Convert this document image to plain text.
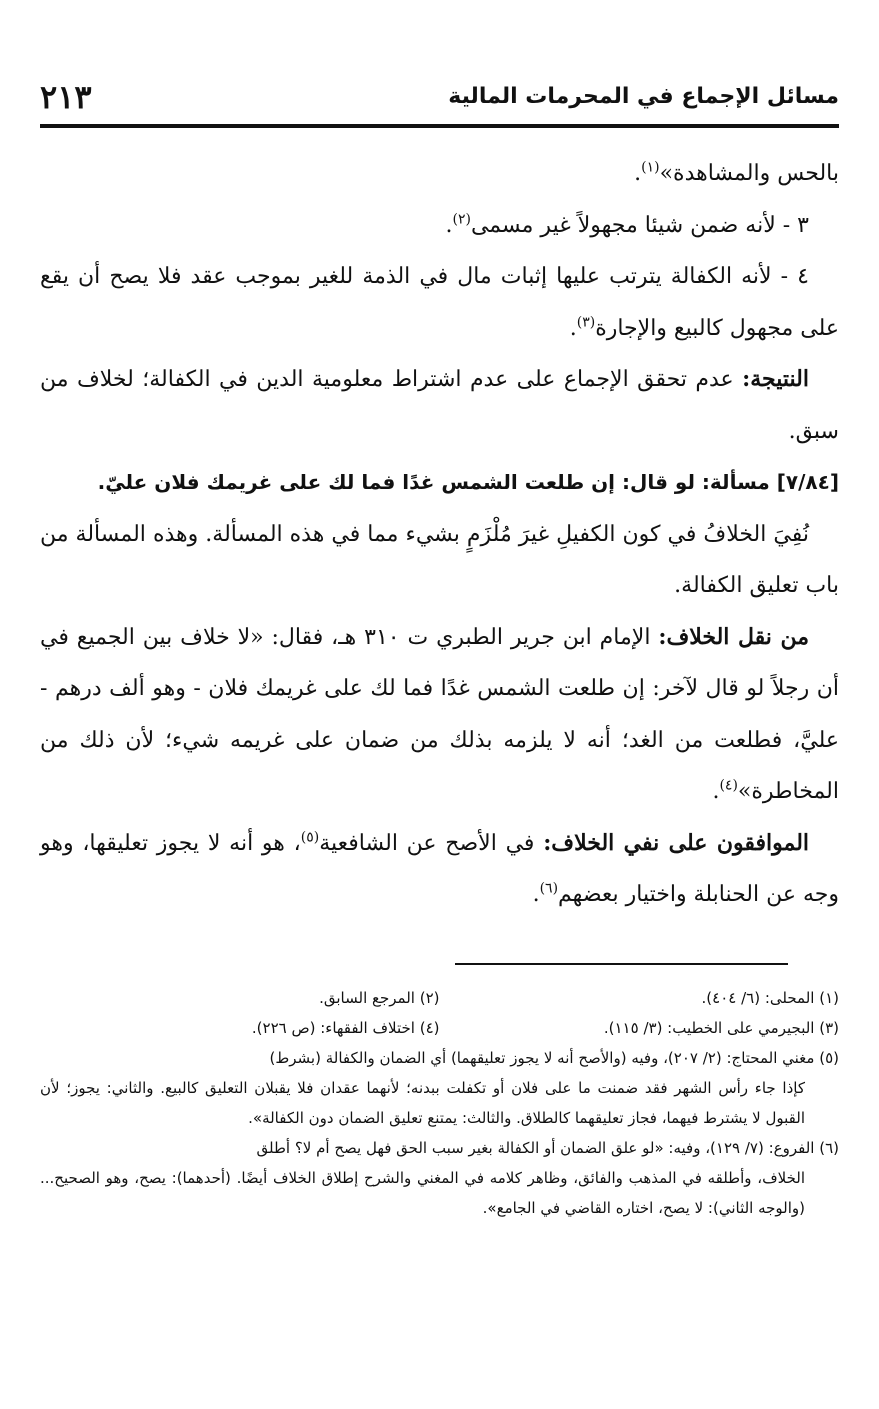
مسائل الإجماع في المحرمات المالية
٢١٣

بالحس والمشاهدة»$^{(١)}$.

٣ - لأنه ضمن شيئا مجهولاً غير مسمى$^{(٢)}$.

٤ - لأنه الكفالة يترتب عليها إثبات مال في الذمة للغير بموجب عقد فلا يصح أن يقع على مجهول كالبيع والإجارة$^{(٣)}$.

النتيجة: عدم تحقق الإجماع على عدم اشتراط معلومية الدين في الكفالة؛ لخلاف من سبق.

[٧/٨٤] مسألة: لو قال: إن طلعت الشمس غدًا فما لك على غريمك فلان عليّ.

نُفِيَ الخلافُ في كون الكفيلِ غيرَ مُلْزَمٍ بشيء مما في هذه المسألة. وهذه المسألة من باب تعليق الكفالة.

من نقل الخلاف: الإمام ابن جرير الطبري ت ٣١٠ هـ، فقال: «لا خلاف بين الجميع في أن رجلاً لو قال لآخر: إن طلعت الشمس غدًا فما لك على غريمك فلان - وهو ألف درهم - عليَّ، فطلعت من الغد؛ أنه لا يلزمه بذلك من ضمان على غريمه شيء؛ لأن ذلك من المخاطرة»$^{(٤)}$.

الموافقون على نفي الخلاف: في الأصح عن الشافعية$^{(٥)}$، هو أنه لا يجوز تعليقها، وهو وجه عن الحنابلة واختيار بعضهم$^{(٦)}$.

(١) المحلى: (٦/ ٤٠٤).
(٢) المرجع السابق.
(٣) البجيرمي على الخطيب: (٣/ ١١٥).
(٤) اختلاف الفقهاء: (ص ٢٢٦).
(٥) مغني المحتاج: (٢/ ٢٠٧)، وفيه (والأصح أنه لا يجوز تعليقهما) أي الضمان والكفالة (بشرط)
كإذا جاء رأس الشهر فقد ضمنت ما على فلان أو تكفلت ببدنه؛ لأنهما عقدان فلا يقبلان التعليق كالبيع. والثاني: يجوز؛ لأن القبول لا يشترط فيهما، فجاز تعليقهما كالطلاق. والثالث: يمتنع تعليق الضمان دون الكفالة».
(٦) الفروع: (٧/ ١٢٩)، وفيه: «لو علق الضمان أو الكفالة بغير سبب الحق فهل يصح أم لا؟ أطلق
الخلاف، وأطلقه في المذهب والفائق، وظاهر كلامه في المغني والشرح إطلاق الخلاف أيضًا. (أحدهما): يصح، وهو الصحيح... (والوجه الثاني): لا يصح، اختاره القاضي في الجامع».
